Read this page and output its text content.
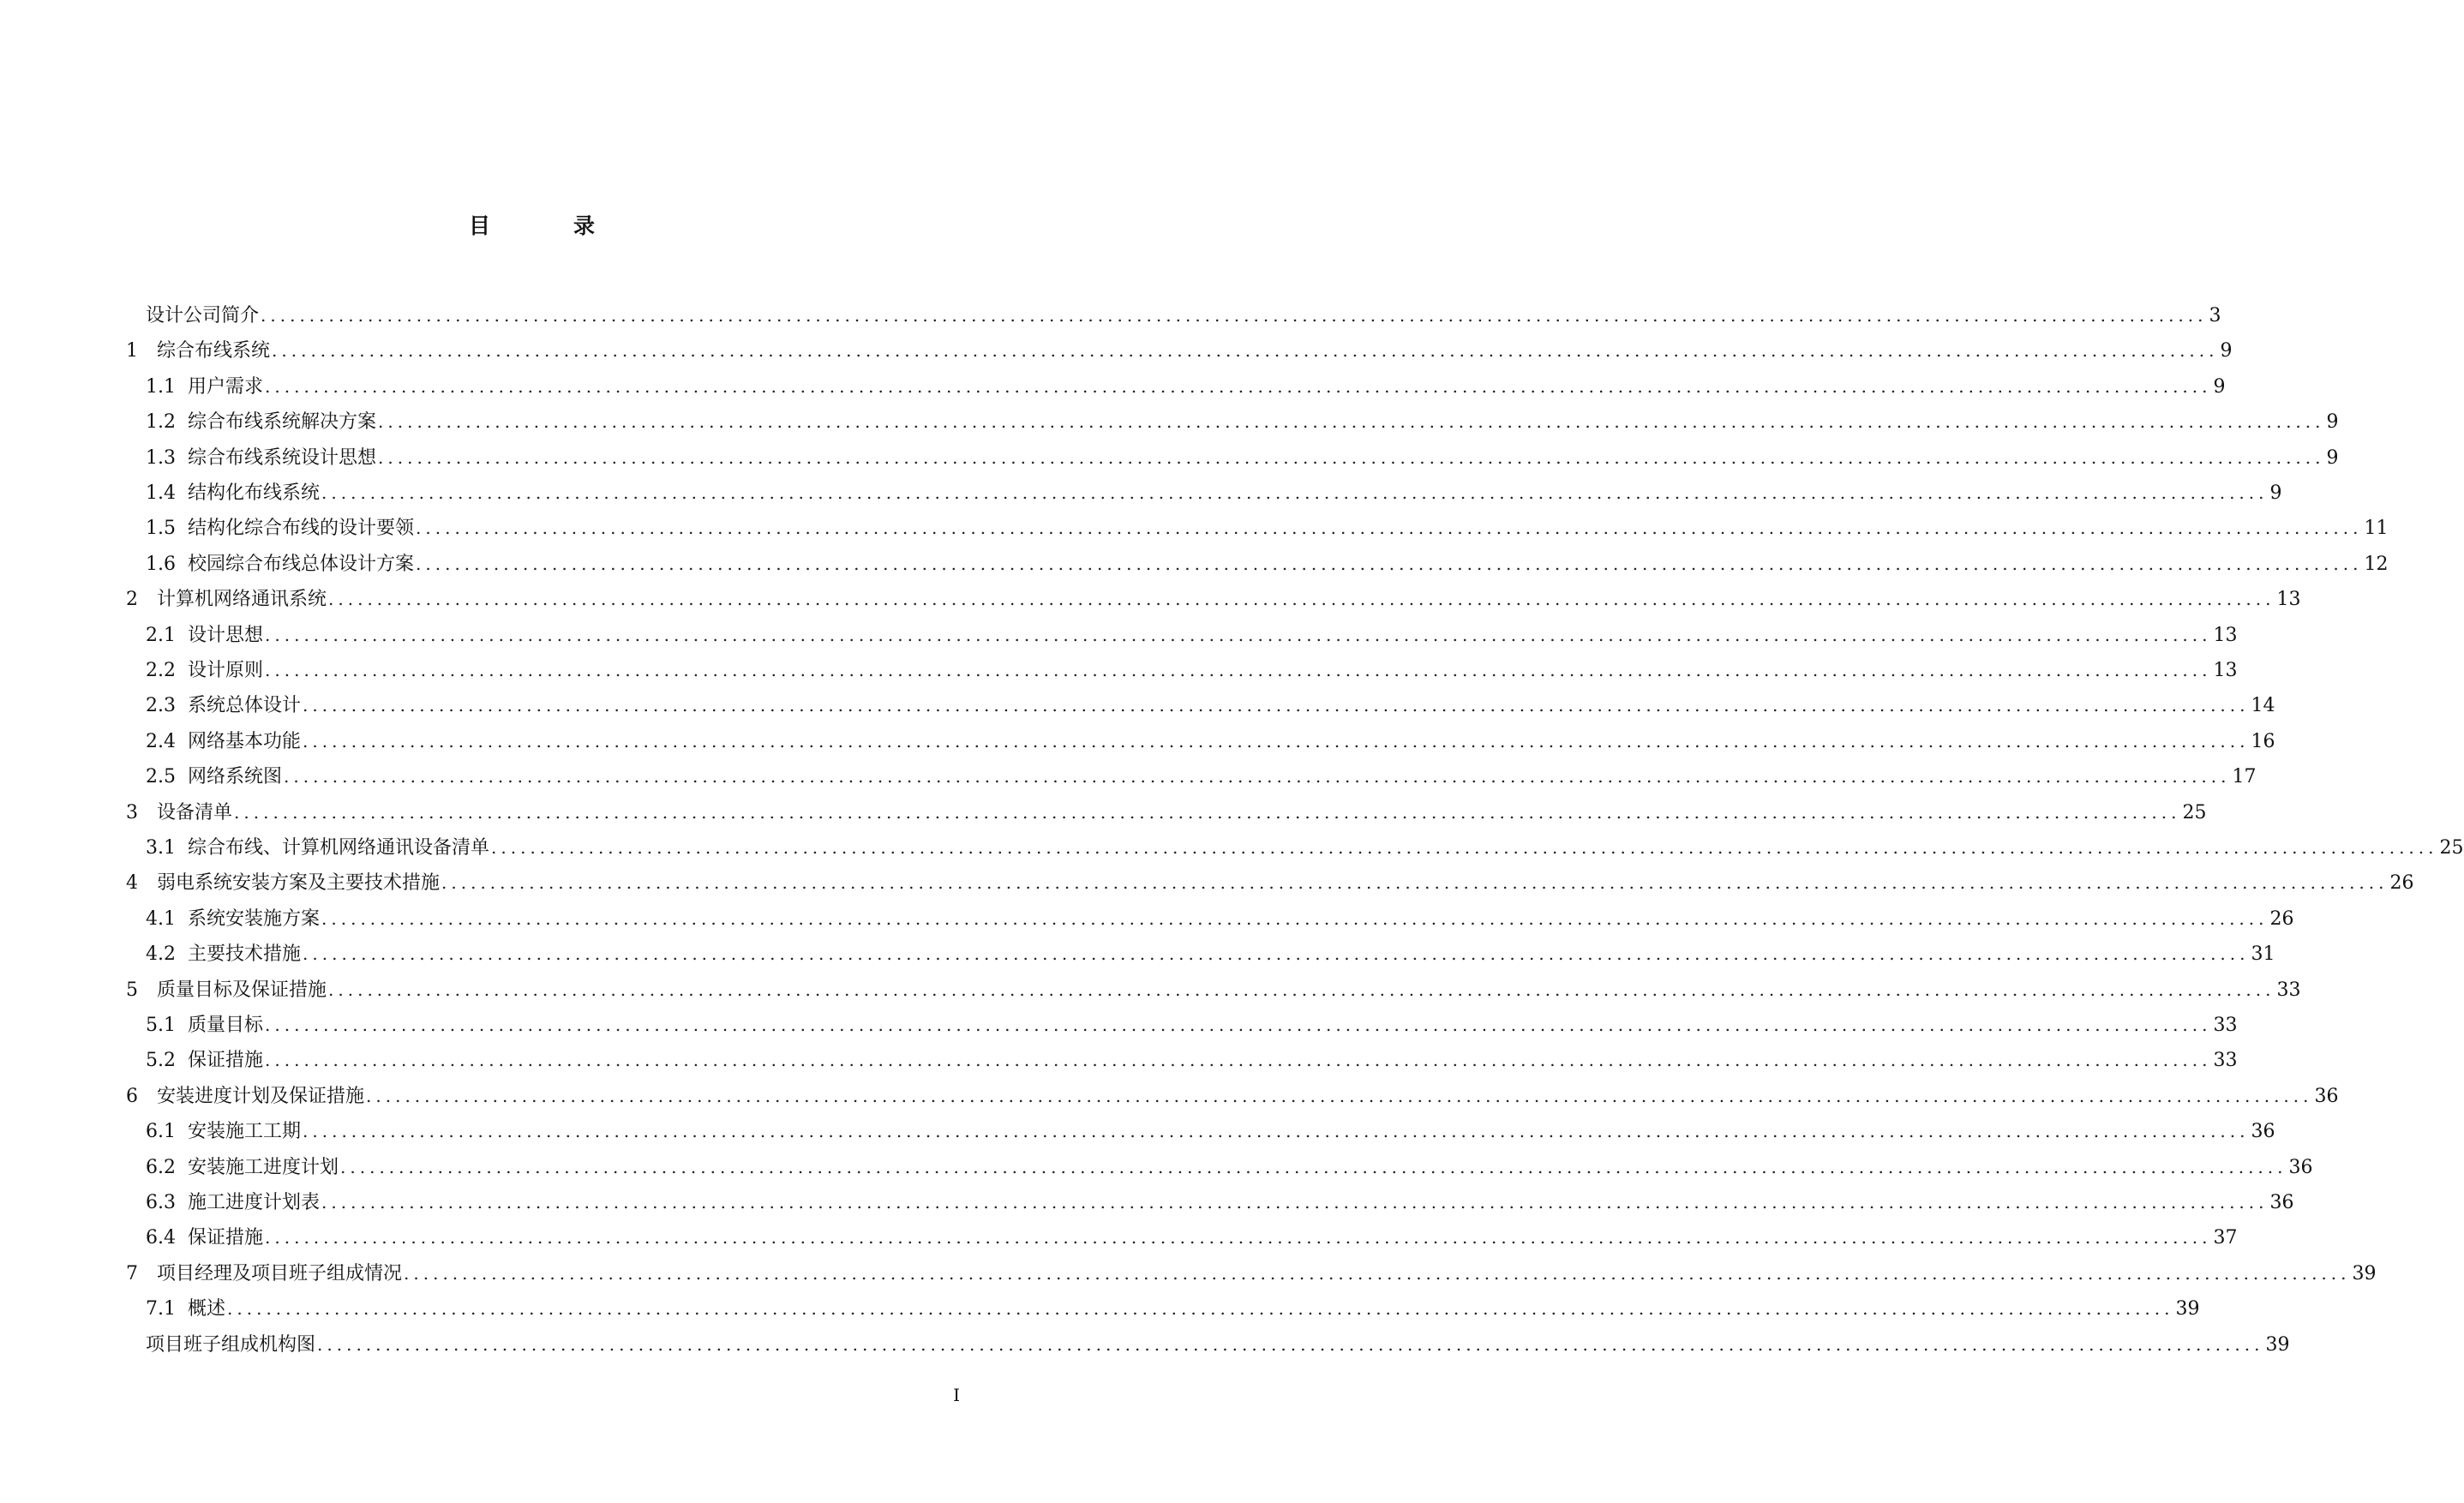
目　录
设计公司简介 ........................................................................................................................................................................................................ 3
1 综合布线系统 ........................................................................................................................................................................................................ 9
1.1 用户需求 ........................................................................................................................................................................................................ 9
1.2 综合布线系统解决方案 ........................................................................................................................................................................................................ 9
1.3 综合布线系统设计思想 ........................................................................................................................................................................................................ 9
1.4 结构化布线系统 ........................................................................................................................................................................................................ 9
1.5 结构化综合布线的设计要领 ........................................................................................................................................................................................................ 11
1.6 校园综合布线总体设计方案 ........................................................................................................................................................................................................ 12
2 计算机网络通讯系统 ........................................................................................................................................................................................................ 13
2.1 设计思想 ........................................................................................................................................................................................................ 13
2.2 设计原则 ........................................................................................................................................................................................................ 13
2.3 系统总体设计 ........................................................................................................................................................................................................ 14
2.4 网络基本功能 ........................................................................................................................................................................................................ 16
2.5 网络系统图 ........................................................................................................................................................................................................ 17
3 设备清单 ........................................................................................................................................................................................................ 25
3.1 综合布线、计算机网络通讯设备清单 ........................................................................................................................................................................................................ 25
4 弱电系统安装方案及主要技术措施 ........................................................................................................................................................................................................ 26
4.1 系统安装施方案 ........................................................................................................................................................................................................ 26
4.2 主要技术措施 ........................................................................................................................................................................................................ 31
5 质量目标及保证措施 ........................................................................................................................................................................................................ 33
5.1 质量目标 ........................................................................................................................................................................................................ 33
5.2 保证措施 ........................................................................................................................................................................................................ 33
6 安装进度计划及保证措施 ........................................................................................................................................................................................................ 36
6.1 安装施工工期 ........................................................................................................................................................................................................ 36
6.2 安装施工进度计划 ........................................................................................................................................................................................................ 36
6.3 施工进度计划表 ........................................................................................................................................................................................................ 36
6.4 保证措施 ........................................................................................................................................................................................................ 37
7 项目经理及项目班子组成情况 ........................................................................................................................................................................................................ 39
7.1 概述 ........................................................................................................................................................................................................ 39
项目班子组成机构图 ........................................................................................................................................................................................................ 39
I
